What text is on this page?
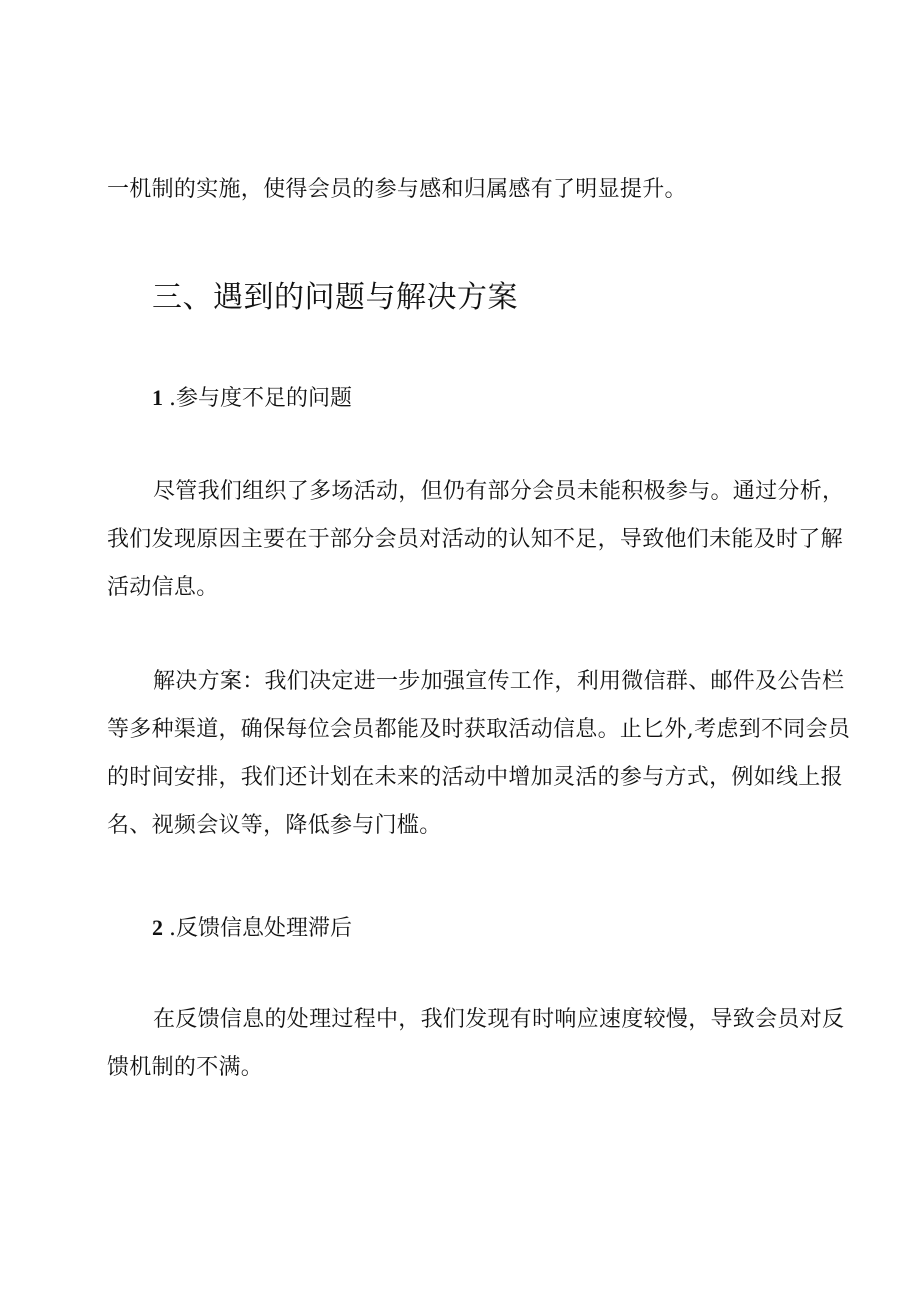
一机制的实施，使得会员的参与感和归属感有了明显提升。

三、遇到的问题与解决方案
1 .参与度不足的问题

尽管我们组织了多场活动，但仍有部分会员未能积极参与。通过分析，
我们发现原因主要在于部分会员对活动的认知不足，导致他们未能及时了解
活动信息。

解决方案：我们决定进一步加强宣传工作，利用微信群、邮件及公告栏
等多种渠道，确保每位会员都能及时获取活动信息。止匕外,考虑到不同会员
的时间安排，我们还计划在未来的活动中增加灵活的参与方式，例如线上报
名、视频会议等，降低参与门槛。

2 .反馈信息处理滞后

在反馈信息的处理过程中，我们发现有时响应速度较慢，导致会员对反
馈机制的不满。
